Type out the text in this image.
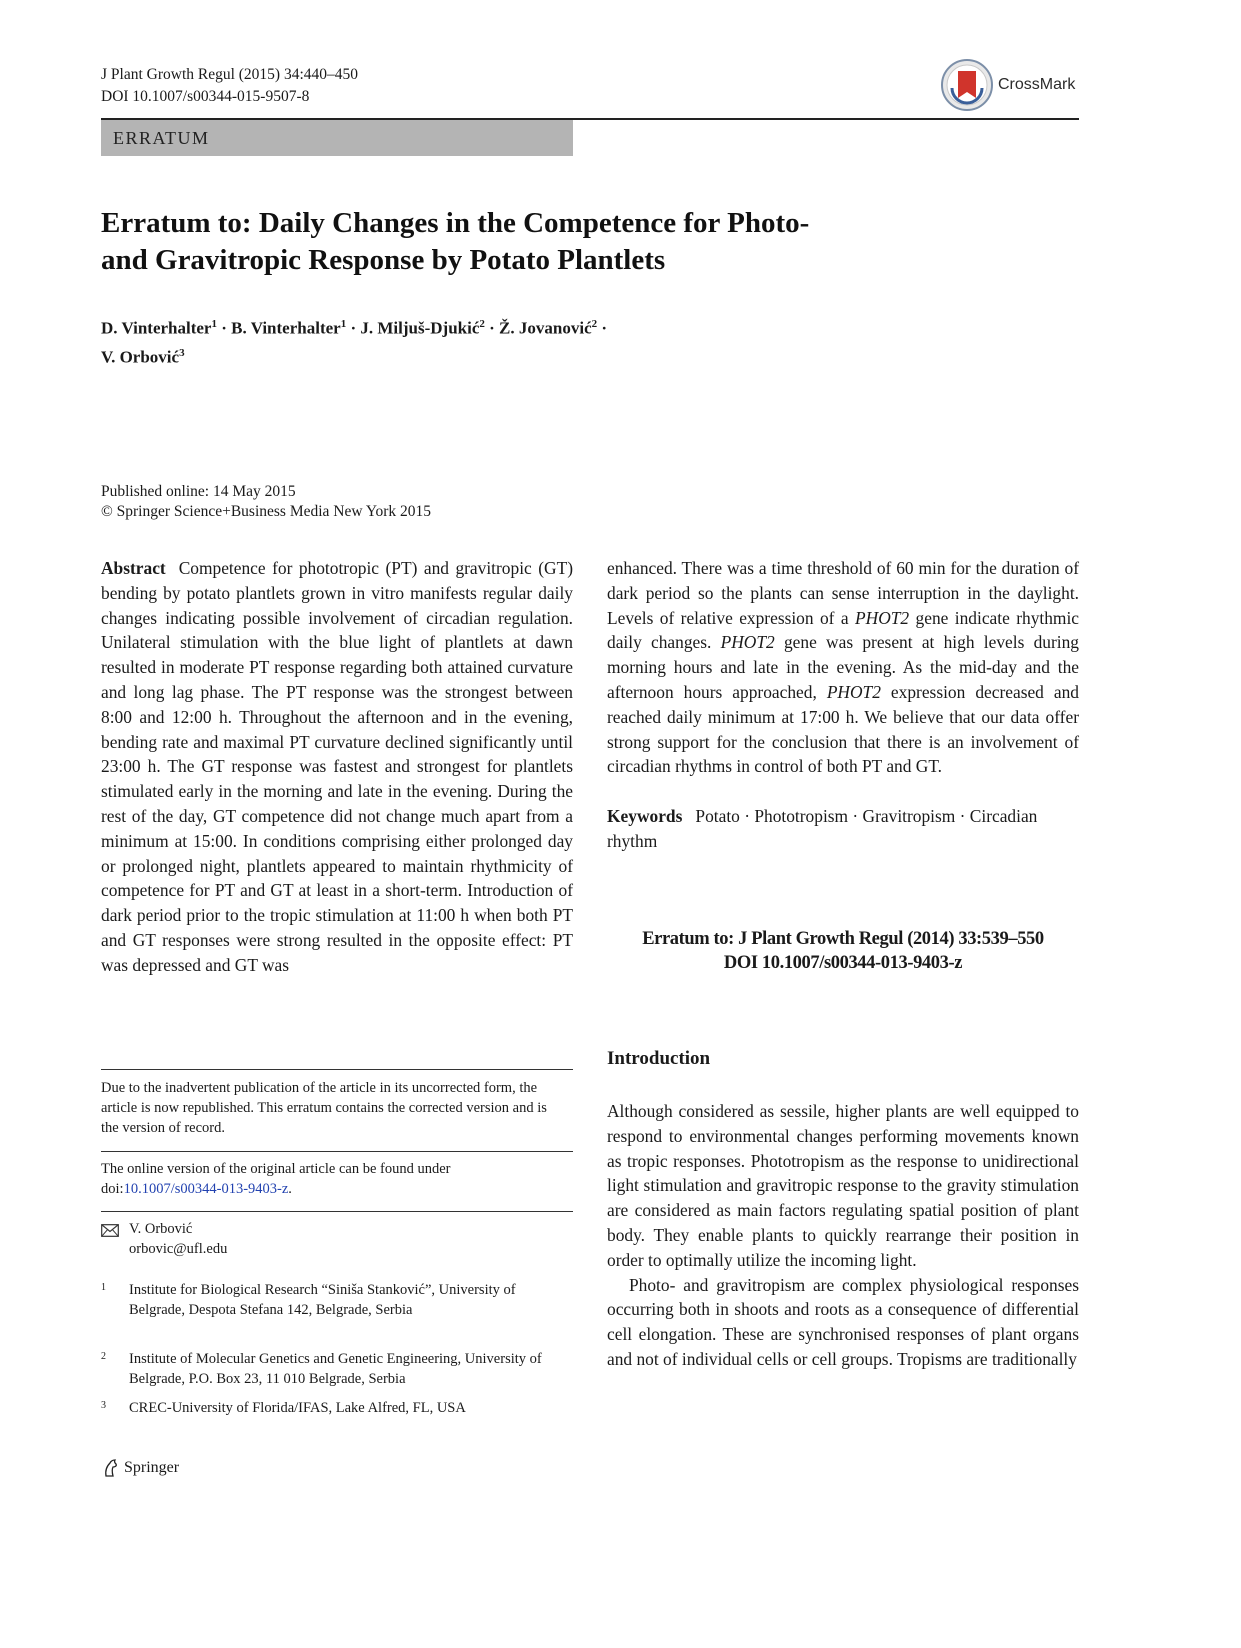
J Plant Growth Regul (2015) 34:440–450
DOI 10.1007/s00344-015-9507-8
CrossMark
ERRATUM
Erratum to: Daily Changes in the Competence for Photo-
and Gravitropic Response by Potato Plantlets
D. Vinterhalter$^1$ · B. Vinterhalter$^1$ · J. Miljuš-Djukić$^2$ · Ž. Jovanović$^2$ ·
V. Orbović$^3$
Published online: 14 May 2015
© Springer Science+Business Media New York 2015

Abstract Competence for phototropic (PT) and gravitropic (GT) bending by potato plantlets grown in vitro manifests regular daily changes indicating possible involvement of circadian regulation. Unilateral stimulation with the blue light of plantlets at dawn resulted in moderate PT response regarding both attained curvature and long lag phase. The PT response was the strongest between 8:00 and 12:00 h. Throughout the afternoon and in the evening, bending rate and maximal PT curvature declined significantly until 23:00 h. The GT response was fastest and strongest for plantlets stimulated early in the morning and late in the evening. During the rest of the day, GT competence did not change much apart from a minimum at 15:00. In conditions comprising either prolonged day or prolonged night, plantlets appeared to maintain rhythmicity of competence for PT and GT at least in a short-term. Introduction of dark period prior to the tropic stimulation at 11:00 h when both PT and GT responses were strong resulted in the opposite effect: PT was depressed and GT was

enhanced. There was a time threshold of 60 min for the duration of dark period so the plants can sense interruption in the daylight. Levels of relative expression of a PHOT2 gene indicate rhythmic daily changes. PHOT2 gene was present at high levels during morning hours and late in the evening. As the mid-day and the afternoon hours approached, PHOT2 expression decreased and reached daily minimum at 17:00 h. We believe that our data offer strong support for the conclusion that there is an involvement of circadian rhythms in control of both PT and GT.

Keywords Potato · Phototropism · Gravitropism · Circadian rhythm

Erratum to: J Plant Growth Regul (2014) 33:539–550
DOI 10.1007/s00344-013-9403-z
Introduction

Although considered as sessile, higher plants are well equipped to respond to environmental changes performing movements known as tropic responses. Phototropism as the response to unidirectional light stimulation and gravitropic response to the gravity stimulation are considered as main factors regulating spatial position of plant body. They enable plants to quickly rearrange their position in order to optimally utilize the incoming light.

Photo- and gravitropism are complex physiological responses occurring both in shoots and roots as a consequence of differential cell elongation. These are synchronised responses of plant organs and not of individual cells or cell groups. Tropisms are traditionally

Due to the inadvertent publication of the article in its uncorrected form, the article is now republished. This erratum contains the corrected version and is the version of record.
The online version of the original article can be found under doi:10.1007/s00344-013-9403-z.
V. Orbović
orbovic@ufl.edu
1 Institute for Biological Research “Siniša Stanković”, University of Belgrade, Despota Stefana 142, Belgrade, Serbia
2 Institute of Molecular Genetics and Genetic Engineering, University of Belgrade, P.O. Box 23, 11 010 Belgrade, Serbia
3 CREC-University of Florida/IFAS, Lake Alfred, FL, USA
Springer
